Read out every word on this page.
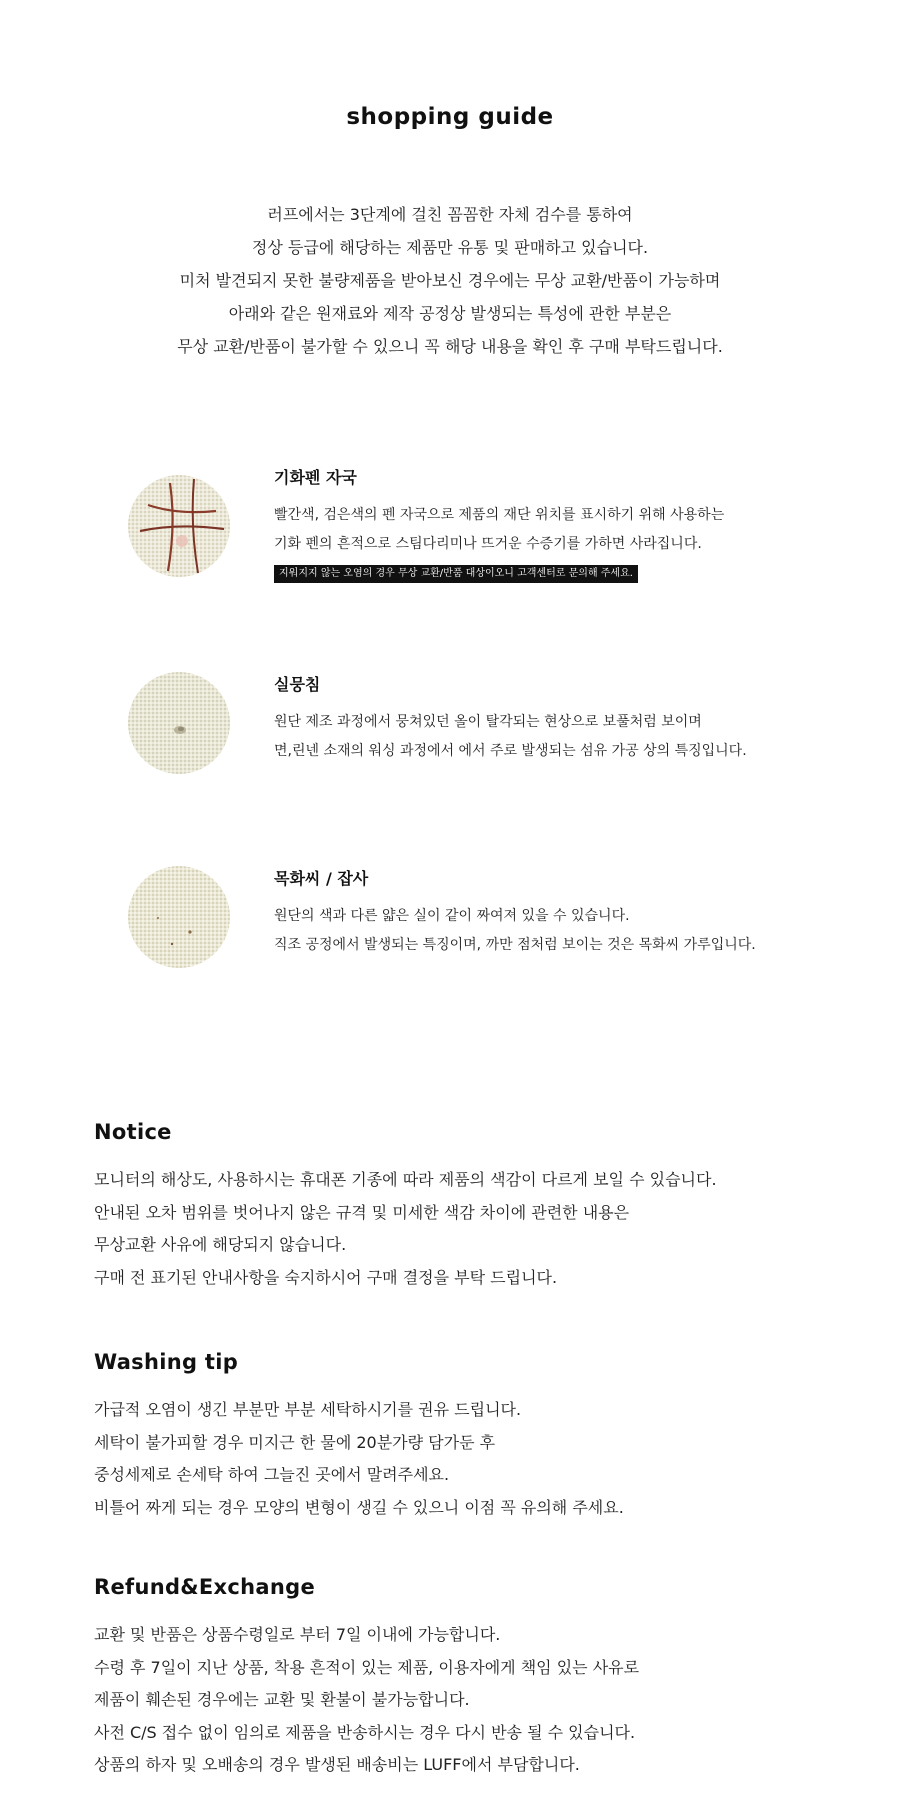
shopping guide
러프에서는 3단계에 걸친 꼼꼼한 자체 검수를 통하여
정상 등급에 해당하는 제품만 유통 및 판매하고 있습니다.
미처 발견되지 못한 불량제품을 받아보신 경우에는 무상 교환/반품이 가능하며
아래와 같은 원재료와 제작 공정상 발생되는 특성에 관한 부분은
무상 교환/반품이 불가할 수 있으니 꼭 해당 내용을 확인 후 구매 부탁드립니다.
기화펜 자국
빨간색, 검은색의 펜 자국으로 제품의 재단 위치를 표시하기 위해 사용하는
기화 펜의 흔적으로 스팀다리미나 뜨거운 수증기를 가하면 사라집니다.
지워지지 않는 오염의 경우 무상 교환/반품 대상이오니 고객센터로 문의해 주세요.
실뭉침
원단 제조 과정에서 뭉쳐있던 올이 탈각되는 현상으로 보풀처럼 보이며
면,린넨 소재의 워싱 과정에서 에서 주로 발생되는 섬유 가공 상의 특징입니다.
목화씨 / 잡사
원단의 색과 다른 얇은 실이 같이 짜여져 있을 수 있습니다.
직조 공정에서 발생되는 특징이며, 까만 점처럼 보이는 것은 목화씨 가루입니다.
Notice
모니터의 해상도, 사용하시는 휴대폰 기종에 따라 제품의 색감이 다르게 보일 수 있습니다.
안내된 오차 범위를 벗어나지 않은 규격 및 미세한 색감 차이에 관련한 내용은
무상교환 사유에 해당되지 않습니다.
구매 전 표기된 안내사항을 숙지하시어 구매 결정을 부탁 드립니다.
Washing tip
가급적 오염이 생긴 부분만 부분 세탁하시기를 권유 드립니다.
세탁이 불가피할 경우 미지근 한 물에 20분가량 담가둔 후
중성세제로 손세탁 하여 그늘진 곳에서 말려주세요.
비틀어 짜게 되는 경우 모양의 변형이 생길 수 있으니 이점 꼭 유의해 주세요.
Refund&Exchange
교환 및 반품은 상품수령일로 부터 7일 이내에 가능합니다.
수령 후 7일이 지난 상품, 착용 흔적이 있는 제품, 이용자에게 책임 있는 사유로
제품이 훼손된 경우에는 교환 및 환불이 불가능합니다.
사전 C/S 접수 없이 임의로 제품을 반송하시는 경우 다시 반송 될 수 있습니다.
상품의 하자 및 오배송의 경우 발생된 배송비는 LUFF에서 부담합니다.
